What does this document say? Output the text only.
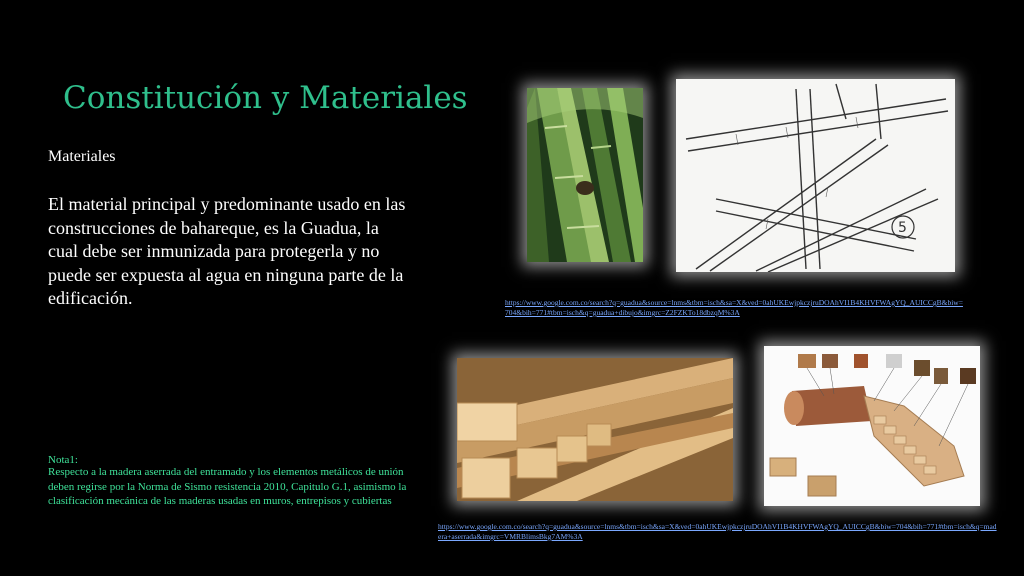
Constitución y Materiales
Materiales
El material principal y predominante usado en las construcciones de bahareque, es la Guadua, la cual debe ser inmunizada para protegerla y no puede ser expuesta al agua en ninguna parte de la edificación.
Nota1:
Respecto a la madera aserrada del entramado y los elementos metálicos de unión deben regirse por la Norma de Sismo resistencia 2010, Capitulo G.1, asimismo la clasificación mecánica de las maderas usadas en muros, entrepisos y cubiertas
5
https://www.google.com.co/search?q=guadua&source=lnms&tbm=isch&sa=X&ved=0ahUKEwjpkczjruDOAhVI1B4KHVFWAgYQ_AUICCgB&biw=704&bih=771#tbm=isch&q=guadua+dibujo&imgrc=Z2FZKTo18dbzqM%3A
https://www.google.com.co/search?q=guadua&source=lnms&tbm=isch&sa=X&ved=0ahUKEwjpkczjruDOAhVI1B4KHVFWAgYQ_AUICCgB&biw=704&bih=771#tbm=isch&q=madera+aserrada&imgrc=VMRBlimsBkg7AM%3A
